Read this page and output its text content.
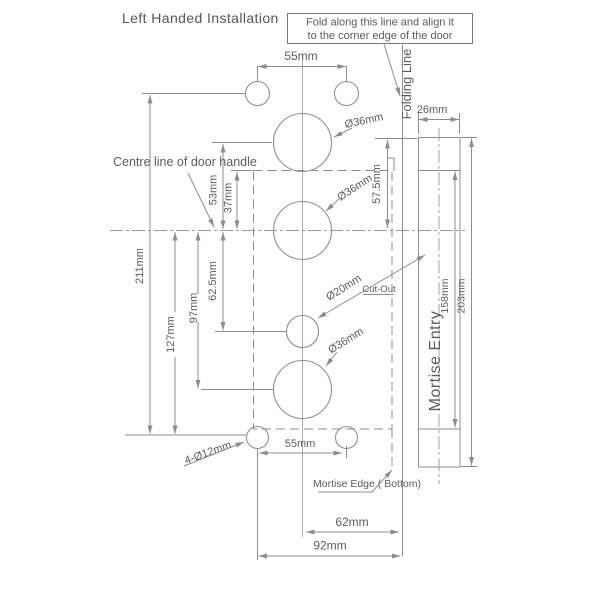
Left Handed Installation Fold along this line and align it
to the corner edge of the door
Folding Line
Mortise Entry
55mm
26mm
57.5mm
158mm 203mm
53mm 37mm
62.5mm
97mm
127mm
211mm
55mm
62mm
92mm
Centre line of door handle
Ø36mm
Ø36mm
Ø20mm
Cut-Out
Ø36mm
4-Ø12mm
Mortise Edge ( Bottom)
